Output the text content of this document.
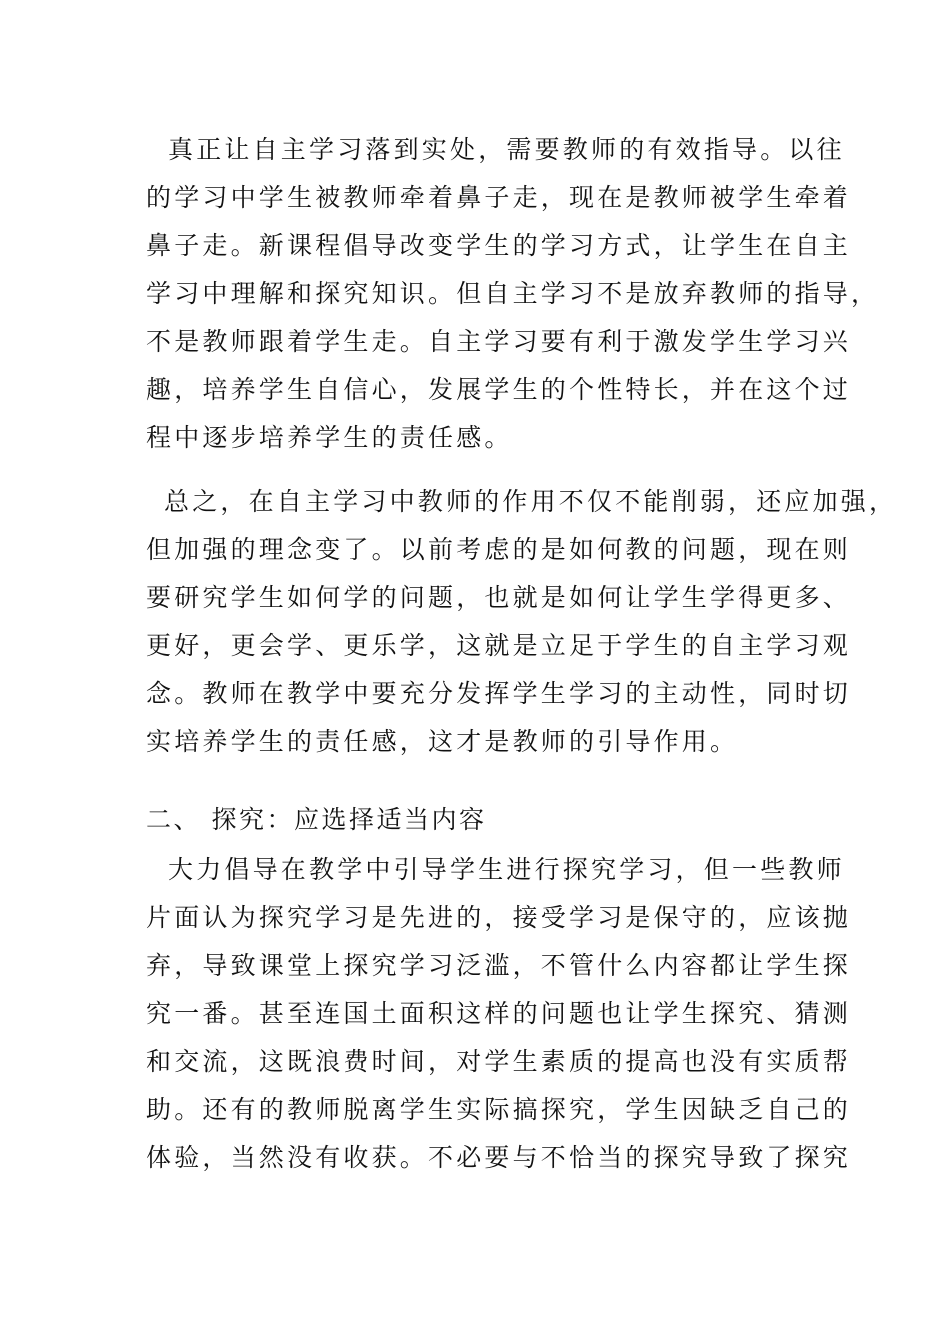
真正让自主学习落到实处，需要教师的有效指导。以往

的学习中学生被教师牵着鼻子走，现在是教师被学生牵着

鼻子走。新课程倡导改变学生的学习方式，让学生在自主

学习中理解和探究知识。但自主学习不是放弃教师的指导，

不是教师跟着学生走。自主学习要有利于激发学生学习兴

趣，培养学生自信心，发展学生的个性特长，并在这个过

程中逐步培养学生的责任感。

总之，在自主学习中教师的作用不仅不能削弱，还应加强，

但加强的理念变了。以前考虑的是如何教的问题，现在则

要研究学生如何学的问题，也就是如何让学生学得更多、

更好，更会学、更乐学，这就是立足于学生的自主学习观

念。教师在教学中要充分发挥学生学习的主动性，同时切

实培养学生的责任感，这才是教师的引导作用。

二、 探究：应选择适当内容

大力倡导在教学中引导学生进行探究学习，但一些教师

片面认为探究学习是先进的，接受学习是保守的，应该抛

弃，导致课堂上探究学习泛滥，不管什么内容都让学生探

究一番。甚至连国土面积这样的问题也让学生探究、猜测

和交流，这既浪费时间，对学生素质的提高也没有实质帮

助。还有的教师脱离学生实际搞探究，学生因缺乏自己的

体验，当然没有收获。不必要与不恰当的探究导致了探究
